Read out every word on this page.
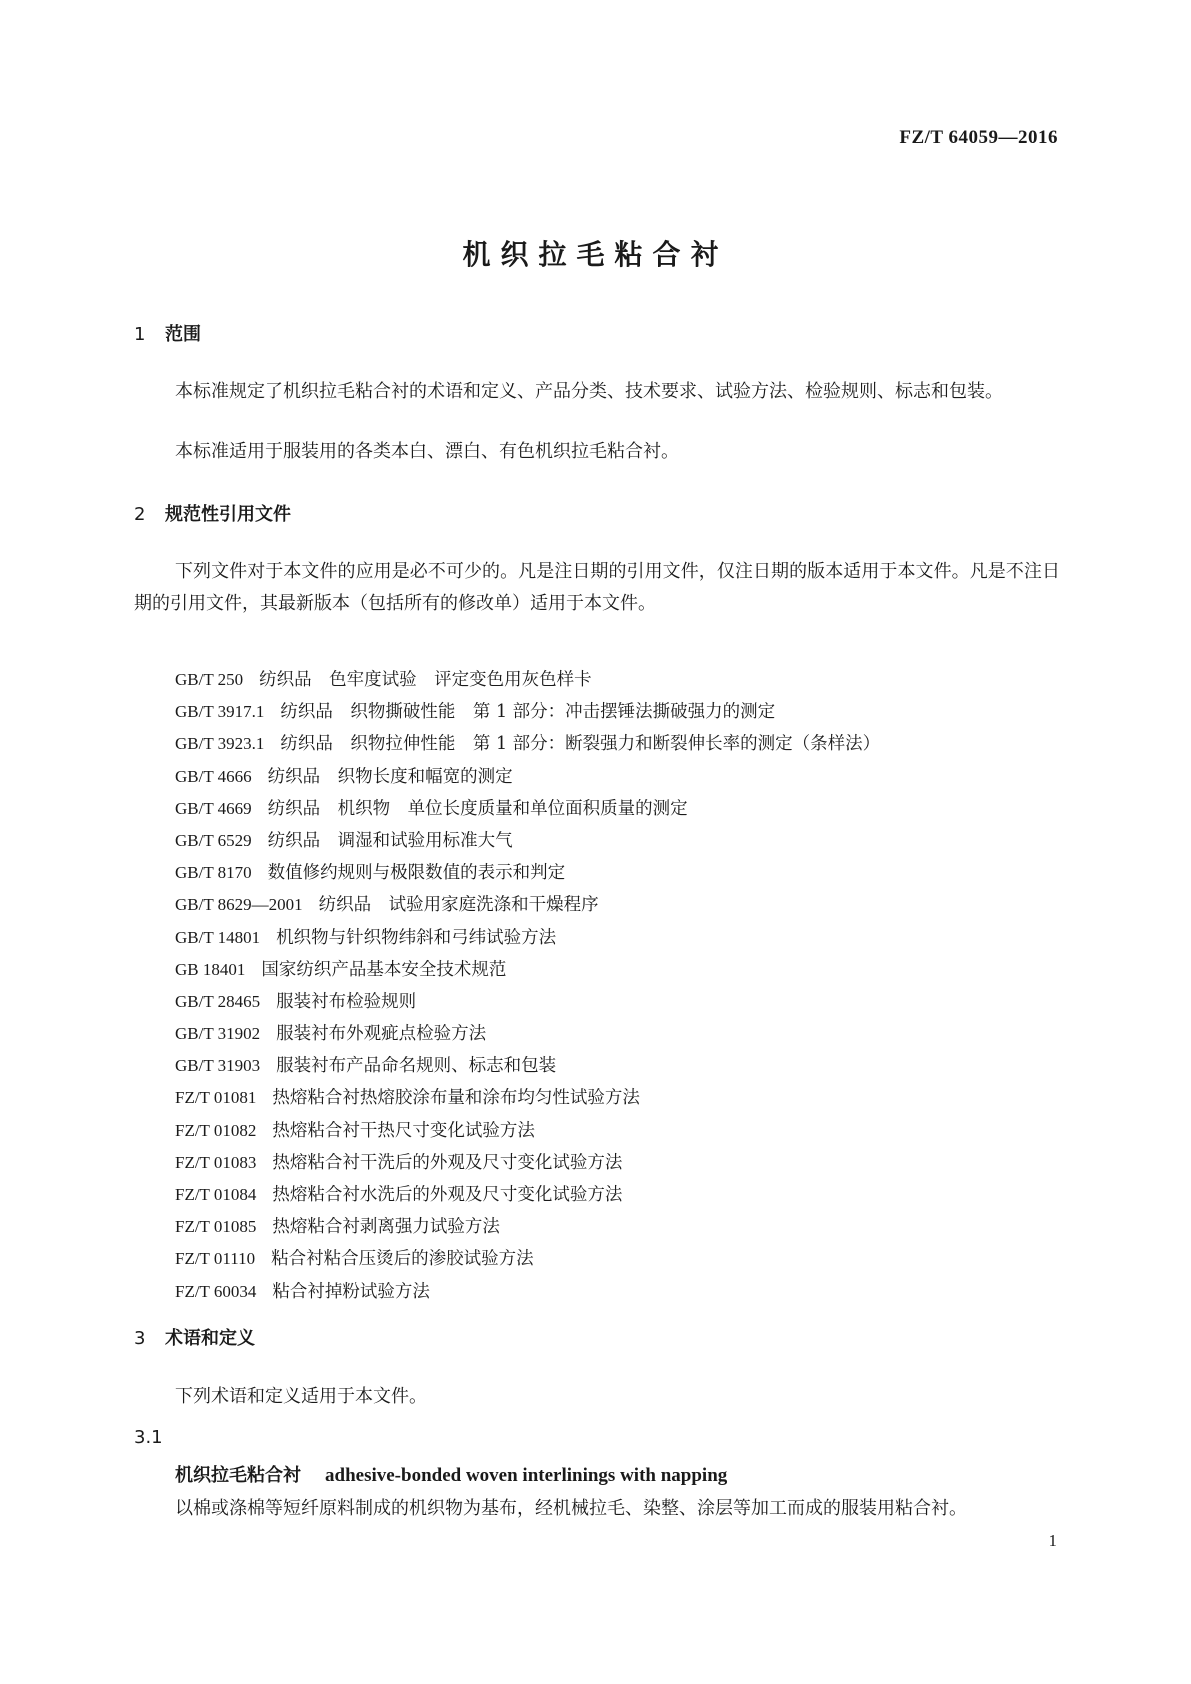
FZ/T 64059—2016
机织拉毛粘合衬
1 范围
本标准规定了机织拉毛粘合衬的术语和定义、产品分类、技术要求、试验方法、检验规则、标志和包装。
本标准适用于服装用的各类本白、漂白、有色机织拉毛粘合衬。
2 规范性引用文件
下列文件对于本文件的应用是必不可少的。凡是注日期的引用文件，仅注日期的版本适用于本文件。凡是不注日期的引用文件，其最新版本（包括所有的修改单）适用于本文件。
GB/T 250 纺织品　色牢度试验　评定变色用灰色样卡
GB/T 3917.1 纺织品　织物撕破性能　第 1 部分：冲击摆锤法撕破强力的测定
GB/T 3923.1 纺织品　织物拉伸性能　第 1 部分：断裂强力和断裂伸长率的测定（条样法）
GB/T 4666 纺织品　织物长度和幅宽的测定
GB/T 4669 纺织品　机织物　单位长度质量和单位面积质量的测定
GB/T 6529 纺织品　调湿和试验用标准大气
GB/T 8170 数值修约规则与极限数值的表示和判定
GB/T 8629—2001 纺织品　试验用家庭洗涤和干燥程序
GB/T 14801 机织物与针织物纬斜和弓纬试验方法
GB 18401 国家纺织产品基本安全技术规范
GB/T 28465 服装衬布检验规则
GB/T 31902 服装衬布外观疵点检验方法
GB/T 31903 服装衬布产品命名规则、标志和包装
FZ/T 01081 热熔粘合衬热熔胶涂布量和涂布均匀性试验方法
FZ/T 01082 热熔粘合衬干热尺寸变化试验方法
FZ/T 01083 热熔粘合衬干洗后的外观及尺寸变化试验方法
FZ/T 01084 热熔粘合衬水洗后的外观及尺寸变化试验方法
FZ/T 01085 热熔粘合衬剥离强力试验方法
FZ/T 01110 粘合衬粘合压烫后的渗胶试验方法
FZ/T 60034 粘合衬掉粉试验方法
3 术语和定义
下列术语和定义适用于本文件。
3.1
机织拉毛粘合衬 adhesive-bonded woven interlinings with napping
以棉或涤棉等短纤原料制成的机织物为基布，经机械拉毛、染整、涂层等加工而成的服装用粘合衬。
1
